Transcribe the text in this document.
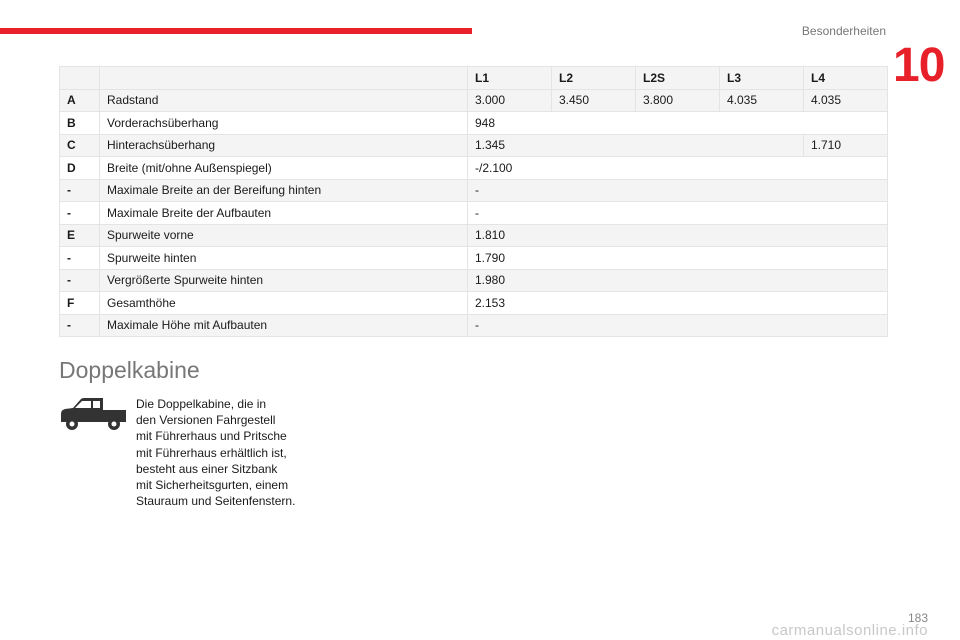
Besonderheiten
10
		L1	L2	L2S	L3	L4
A	Radstand	3.000	3.450	3.800	4.035	4.035
B	Vorderachsüberhang	948				
C	Hinterachsüberhang	1.345				1.710
D	Breite (mit/ohne Außenspiegel)	-/2.100				
-	Maximale Breite an der Bereifung hinten	-				
-	Maximale Breite der Aufbauten	-				
E	Spurweite vorne	1.810				
-	Spurweite hinten	1.790				
-	Vergrößerte Spurweite hinten	1.980				
F	Gesamthöhe	2.153				
-	Maximale Höhe mit Aufbauten	-				
Doppelkabine
Die Doppelkabine, die in
den Versionen Fahrgestell
mit Führerhaus und Pritsche
mit Führerhaus erhältlich ist,
besteht aus einer Sitzbank
mit Sicherheitsgurten, einem
Stauraum und Seitenfenstern.
183
carmanualsonline.info
